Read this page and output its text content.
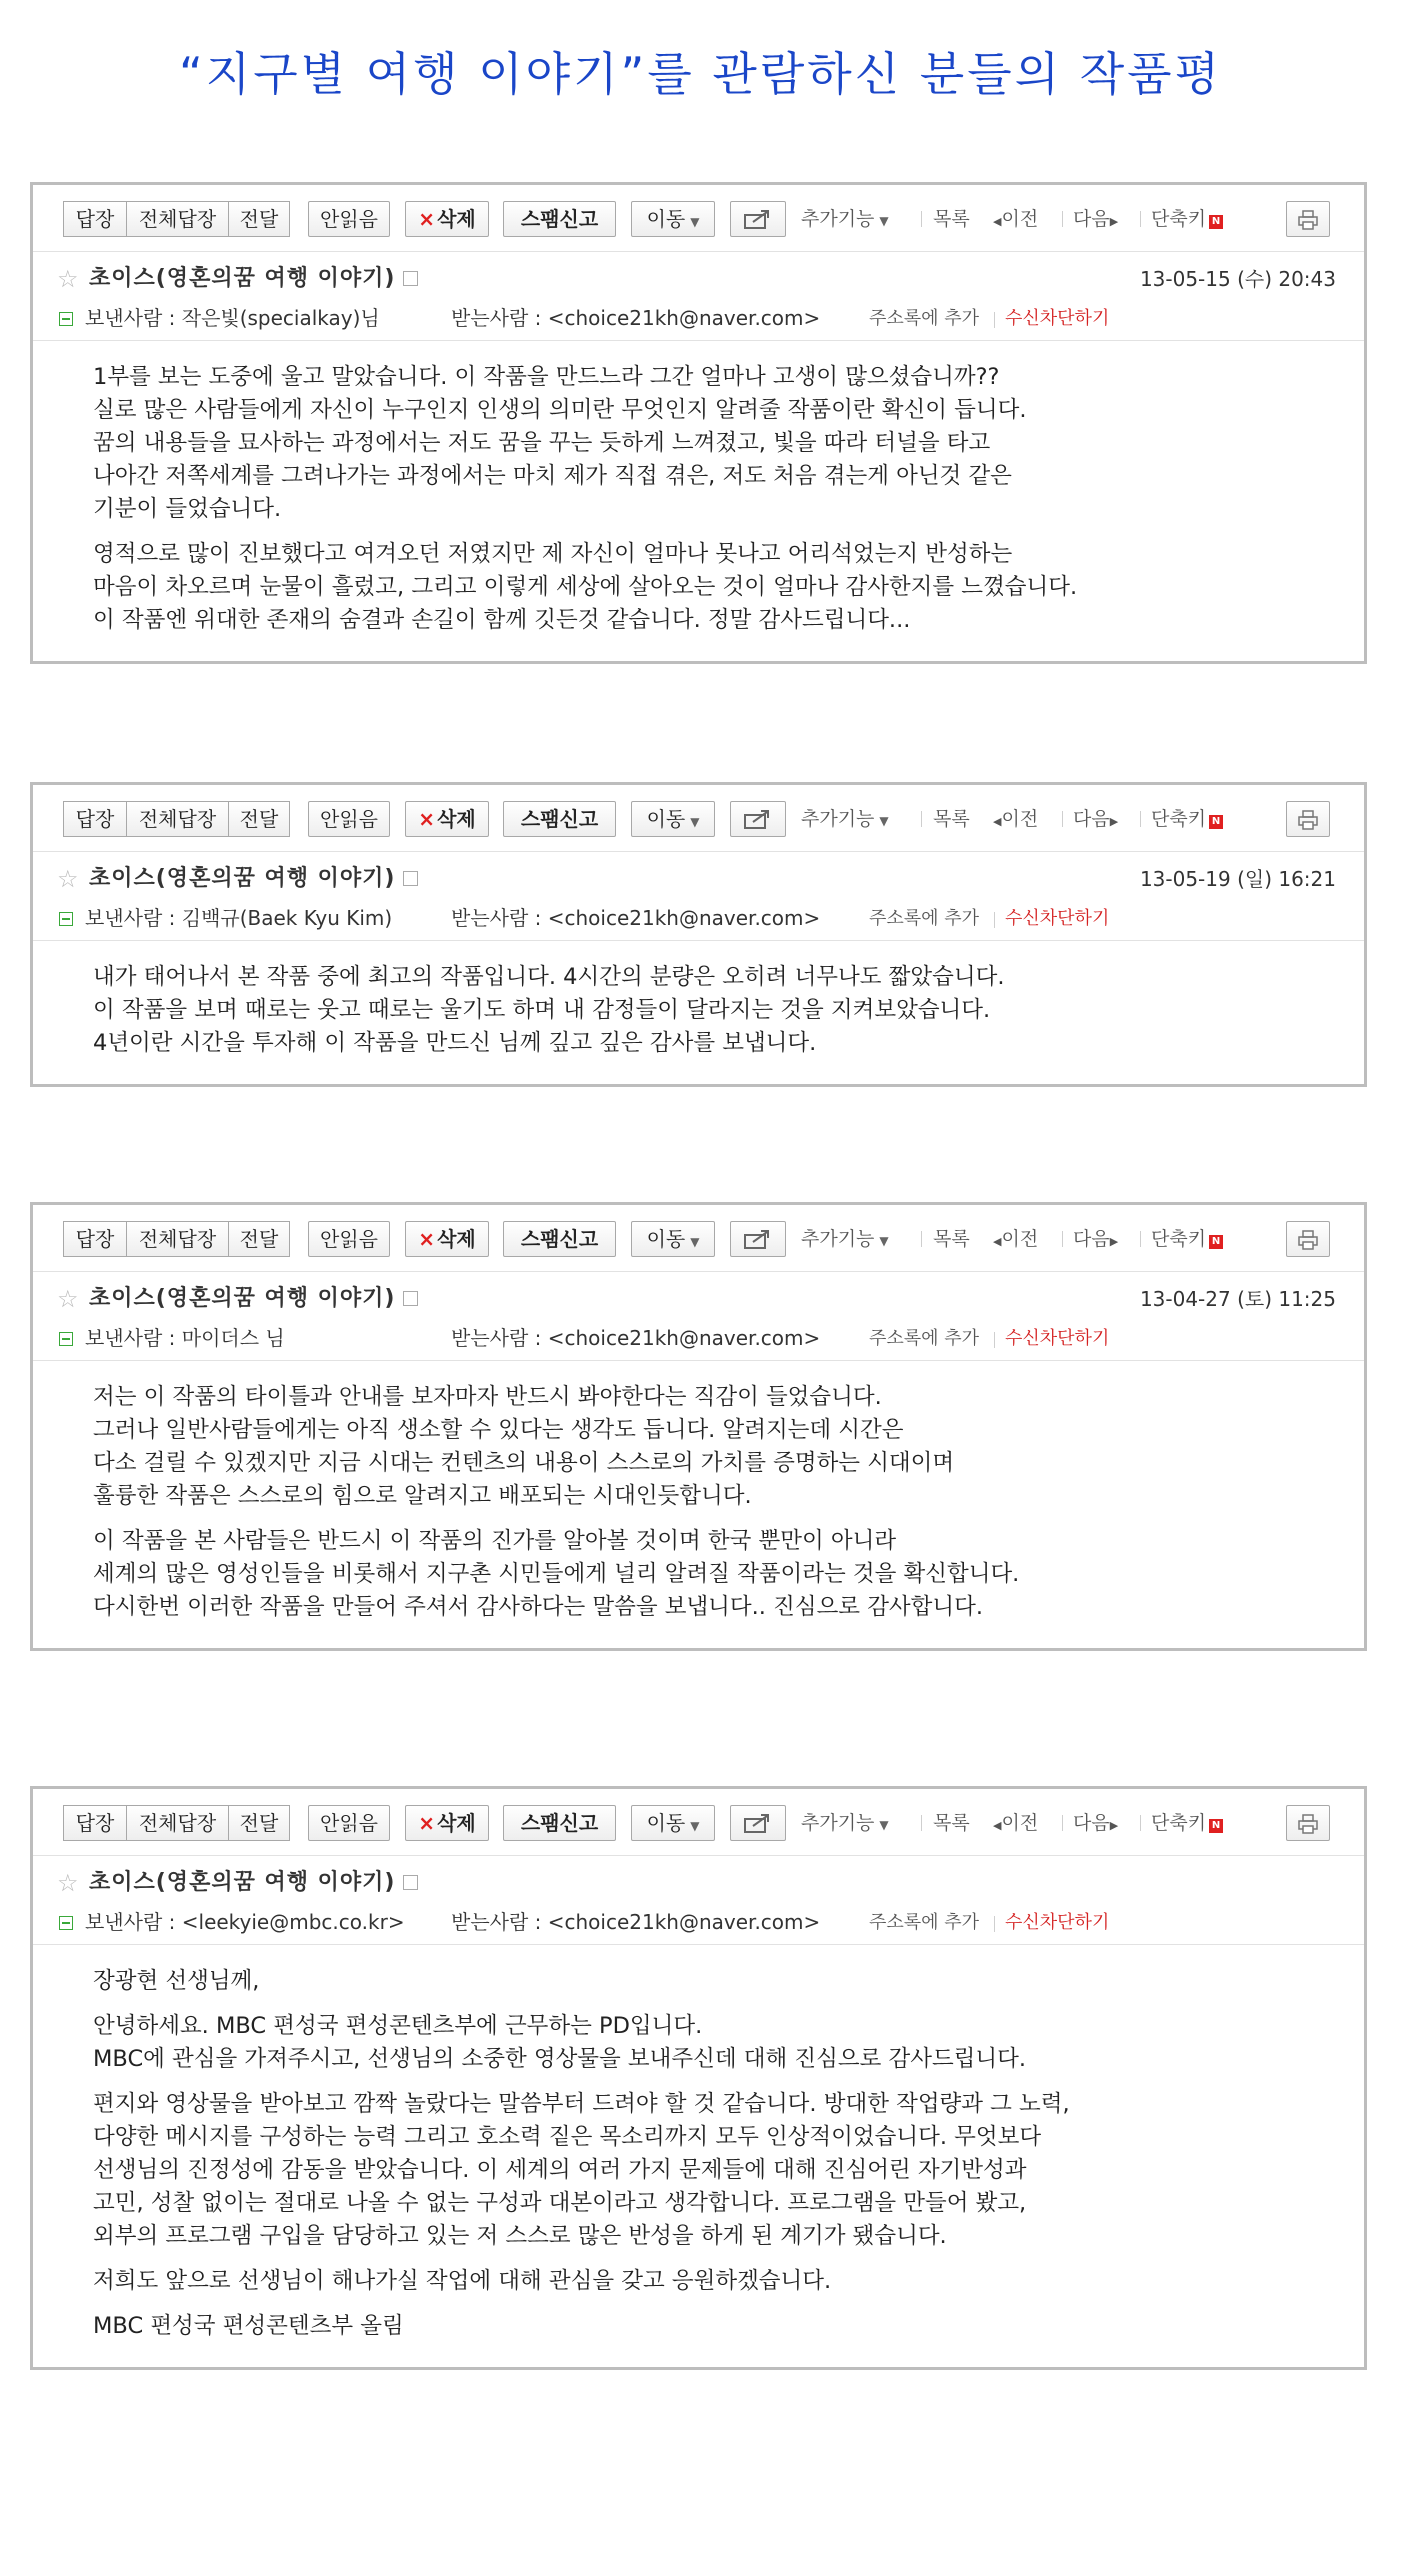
“지구별 여행 이야기”를 관람하신 분들의 작품평
답장	전체답장	전달	안읽음	× 삭제	스팸신고	이동 ▼	추가기능 ▼ 목록 ◀이전 다음▶ 단축키 N
☆ 초이스(영혼의꿈 여행 이야기)	13-05-15 (수) 20:43
보낸사람 : 작은빛(specialkay)님	받는사람 : <choice21kh@naver.com>	주소록에 추가 수신차단하기

1부를 보는 도중에 울고 말았습니다. 이 작품을 만드느라 그간 얼마나 고생이 많으셨습니까??
실로 많은 사람들에게 자신이 누구인지 인생의 의미란 무엇인지 알려줄 작품이란 확신이 듭니다.
꿈의 내용들을 묘사하는 과정에서는 저도 꿈을 꾸는 듯하게 느껴졌고, 빛을 따라 터널을 타고
나아간 저쪽세계를 그려나가는 과정에서는 마치 제가 직접 겪은, 저도 처음 겪는게 아닌것 같은
기분이 들었습니다.

영적으로 많이 진보했다고 여겨오던 저였지만 제 자신이 얼마나 못나고 어리석었는지 반성하는
마음이 차오르며 눈물이 흘렀고, 그리고 이렇게 세상에 살아오는 것이 얼마나 감사한지를 느꼈습니다.
이 작품엔 위대한 존재의 숨결과 손길이 함께 깃든것 같습니다. 정말 감사드립니다...

답장	전체답장	전달	안읽음	× 삭제	스팸신고	이동 ▼	추가기능 ▼ 목록 ◀이전 다음▶ 단축키 N
☆ 초이스(영혼의꿈 여행 이야기)	13-05-19 (일) 16:21
보낸사람 : 김백규(Baek Kyu Kim)	받는사람 : <choice21kh@naver.com>	주소록에 추가 수신차단하기

내가 태어나서 본 작품 중에 최고의 작품입니다. 4시간의 분량은 오히려 너무나도 짧았습니다.
이 작품을 보며 때로는 웃고 때로는 울기도 하며 내 감정들이 달라지는 것을 지켜보았습니다.
4년이란 시간을 투자해 이 작품을 만드신 님께 깊고 깊은 감사를 보냅니다.

답장	전체답장	전달	안읽음	× 삭제	스팸신고	이동 ▼	추가기능 ▼ 목록 ◀이전 다음▶ 단축키 N
☆ 초이스(영혼의꿈 여행 이야기)	13-04-27 (토) 11:25
보낸사람 : 마이더스 님	받는사람 : <choice21kh@naver.com>	주소록에 추가 수신차단하기

저는 이 작품의 타이틀과 안내를 보자마자 반드시 봐야한다는 직감이 들었습니다.
그러나 일반사람들에게는 아직 생소할 수 있다는 생각도 듭니다. 알려지는데 시간은
다소 걸릴 수 있겠지만 지금 시대는 컨텐츠의 내용이 스스로의 가치를 증명하는 시대이며
훌륭한 작품은 스스로의 힘으로 알려지고 배포되는 시대인듯합니다.

이 작품을 본 사람들은 반드시 이 작품의 진가를 알아볼 것이며 한국 뿐만이 아니라
세계의 많은 영성인들을 비롯해서 지구촌 시민들에게 널리 알려질 작품이라는 것을 확신합니다.
다시한번 이러한 작품을 만들어 주셔서 감사하다는 말씀을 보냅니다.. 진심으로 감사합니다.

답장	전체답장	전달	안읽음	× 삭제	스팸신고	이동 ▼	추가기능 ▼ 목록 ◀이전 다음▶ 단축키 N
☆ 초이스(영혼의꿈 여행 이야기)
보낸사람 : <leekyie@mbc.co.kr> 받는사람 : <choice21kh@naver.com>	주소록에 추가 수신차단하기

장광현 선생님께,

안녕하세요. MBC 편성국 편성콘텐츠부에 근무하는 PD입니다.
MBC에 관심을 가져주시고, 선생님의 소중한 영상물을 보내주신데 대해 진심으로 감사드립니다.

편지와 영상물을 받아보고 깜짝 놀랐다는 말씀부터 드려야 할 것 같습니다. 방대한 작업량과 그 노력,
다양한 메시지를 구성하는 능력 그리고 호소력 짙은 목소리까지 모두 인상적이었습니다. 무엇보다
선생님의 진정성에 감동을 받았습니다. 이 세계의 여러 가지 문제들에 대해 진심어린 자기반성과
고민, 성찰 없이는 절대로 나올 수 없는 구성과 대본이라고 생각합니다. 프로그램을 만들어 봤고,
외부의 프로그램 구입을 담당하고 있는 저 스스로 많은 반성을 하게 된 계기가 됐습니다.

저희도 앞으로 선생님이 해나가실 작업에 대해 관심을 갖고 응원하겠습니다.

MBC 편성국 편성콘텐츠부 올림
